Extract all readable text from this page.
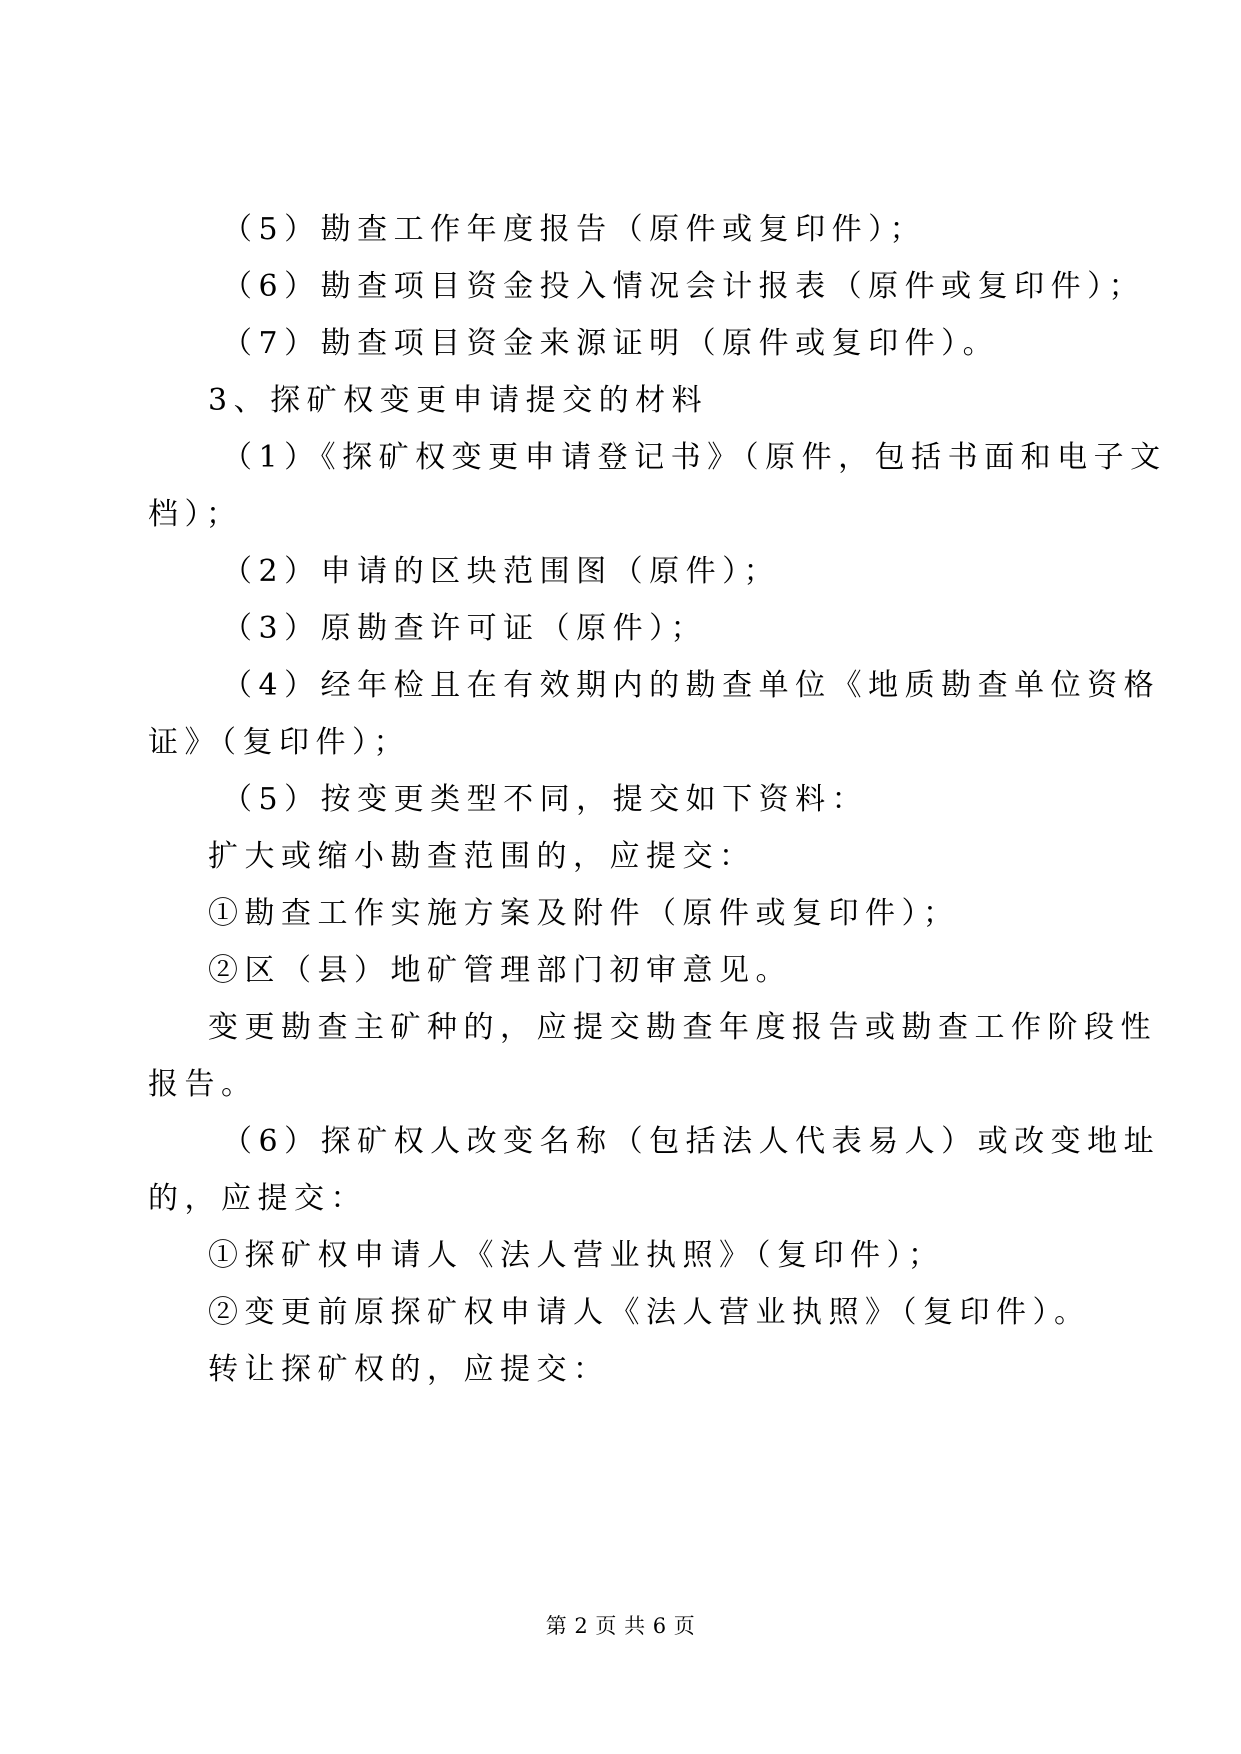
（5）勘查工作年度报告（原件或复印件）；
（6）勘查项目资金投入情况会计报表（原件或复印件）；
（7）勘查项目资金来源证明（原件或复印件）。
3、探矿权变更申请提交的材料
（1）《探矿权变更申请登记书》（原件，包括书面和电子文
档）；
（2）申请的区块范围图（原件）；
（3）原勘查许可证（原件）；
（4）经年检且在有效期内的勘查单位《地质勘查单位资格
证》（复印件）；
（5）按变更类型不同，提交如下资料：
扩大或缩小勘查范围的，应提交：
①勘查工作实施方案及附件（原件或复印件）；
②区（县）地矿管理部门初审意见。
变更勘查主矿种的，应提交勘查年度报告或勘查工作阶段性
报告。
（6）探矿权人改变名称（包括法人代表易人）或改变地址
的，应提交：
①探矿权申请人《法人营业执照》（复印件）；
②变更前原探矿权申请人《法人营业执照》（复印件）。
转让探矿权的，应提交：
第 2 页 共 6 页
